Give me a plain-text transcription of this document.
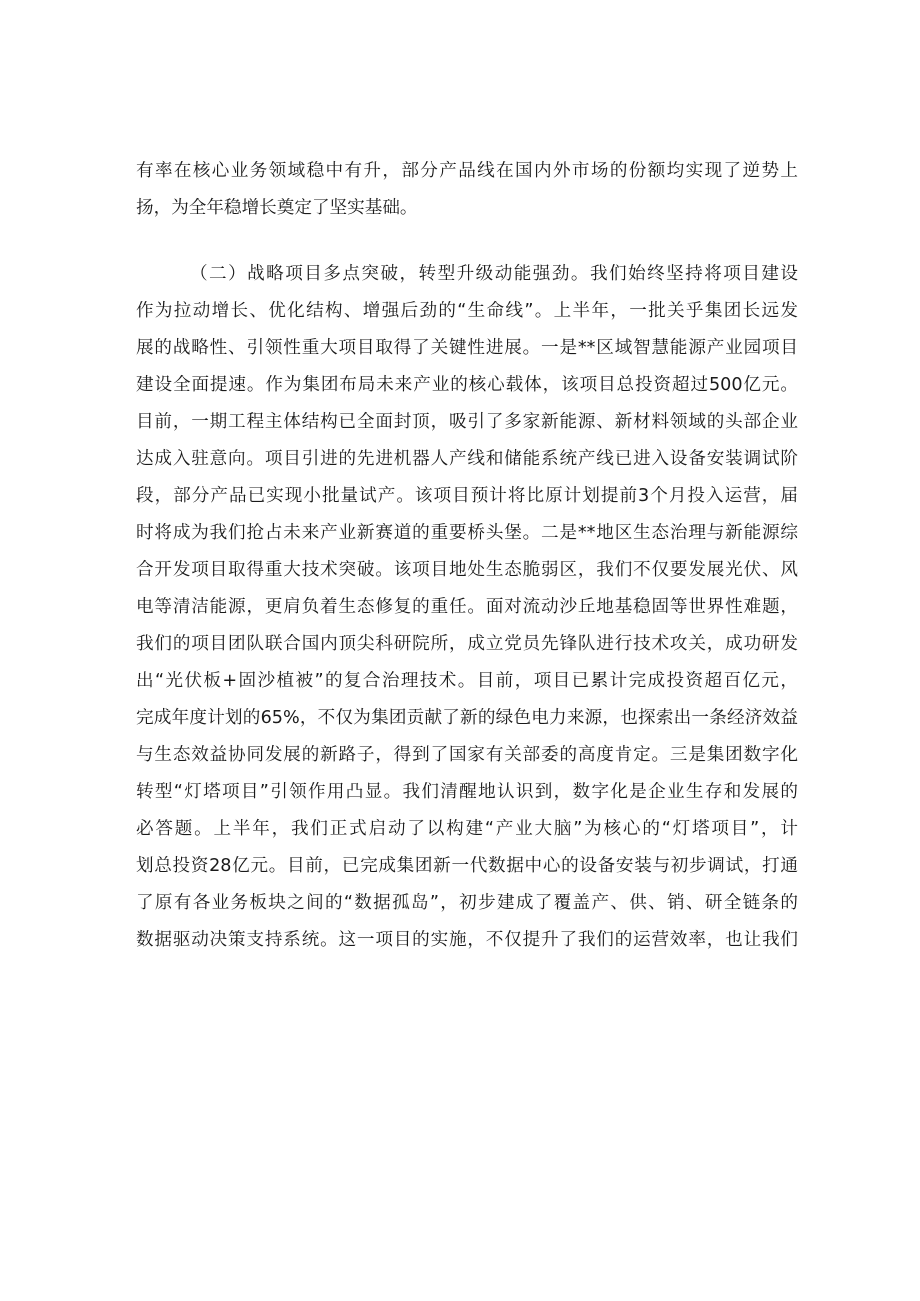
有率在核心业务领域稳中有升，部分产品线在国内外市场的份额均实现了逆势上
扬，为全年稳增长奠定了坚实基础。
（二）战略项目多点突破，转型升级动能强劲。我们始终坚持将项目建设
作为拉动增长、优化结构、增强后劲的“生命线”。上半年，一批关乎集团长远发
展的战略性、引领性重大项目取得了关键性进展。一是**区域智慧能源产业园项目
建设全面提速。作为集团布局未来产业的核心载体，该项目总投资超过500亿元。
目前，一期工程主体结构已全面封顶，吸引了多家新能源、新材料领域的头部企业
达成入驻意向。项目引进的先进机器人产线和储能系统产线已进入设备安装调试阶
段，部分产品已实现小批量试产。该项目预计将比原计划提前3个月投入运营，届
时将成为我们抢占未来产业新赛道的重要桥头堡。二是**地区生态治理与新能源综
合开发项目取得重大技术突破。该项目地处生态脆弱区，我们不仅要发展光伏、风
电等清洁能源，更肩负着生态修复的重任。面对流动沙丘地基稳固等世界性难题，
我们的项目团队联合国内顶尖科研院所，成立党员先锋队进行技术攻关，成功研发
出“光伏板+固沙植被”的复合治理技术。目前，项目已累计完成投资超百亿元，
完成年度计划的65%，不仅为集团贡献了新的绿色电力来源，也探索出一条经济效益
与生态效益协同发展的新路子，得到了国家有关部委的高度肯定。三是集团数字化
转型“灯塔项目”引领作用凸显。我们清醒地认识到，数字化是企业生存和发展的
必答题。上半年，我们正式启动了以构建“产业大脑”为核心的“灯塔项目”，计
划总投资28亿元。目前，已完成集团新一代数据中心的设备安装与初步调试，打通
了原有各业务板块之间的“数据孤岛”，初步建成了覆盖产、供、销、研全链条的
数据驱动决策支持系统。这一项目的实施，不仅提升了我们的运营效率，也让我们
